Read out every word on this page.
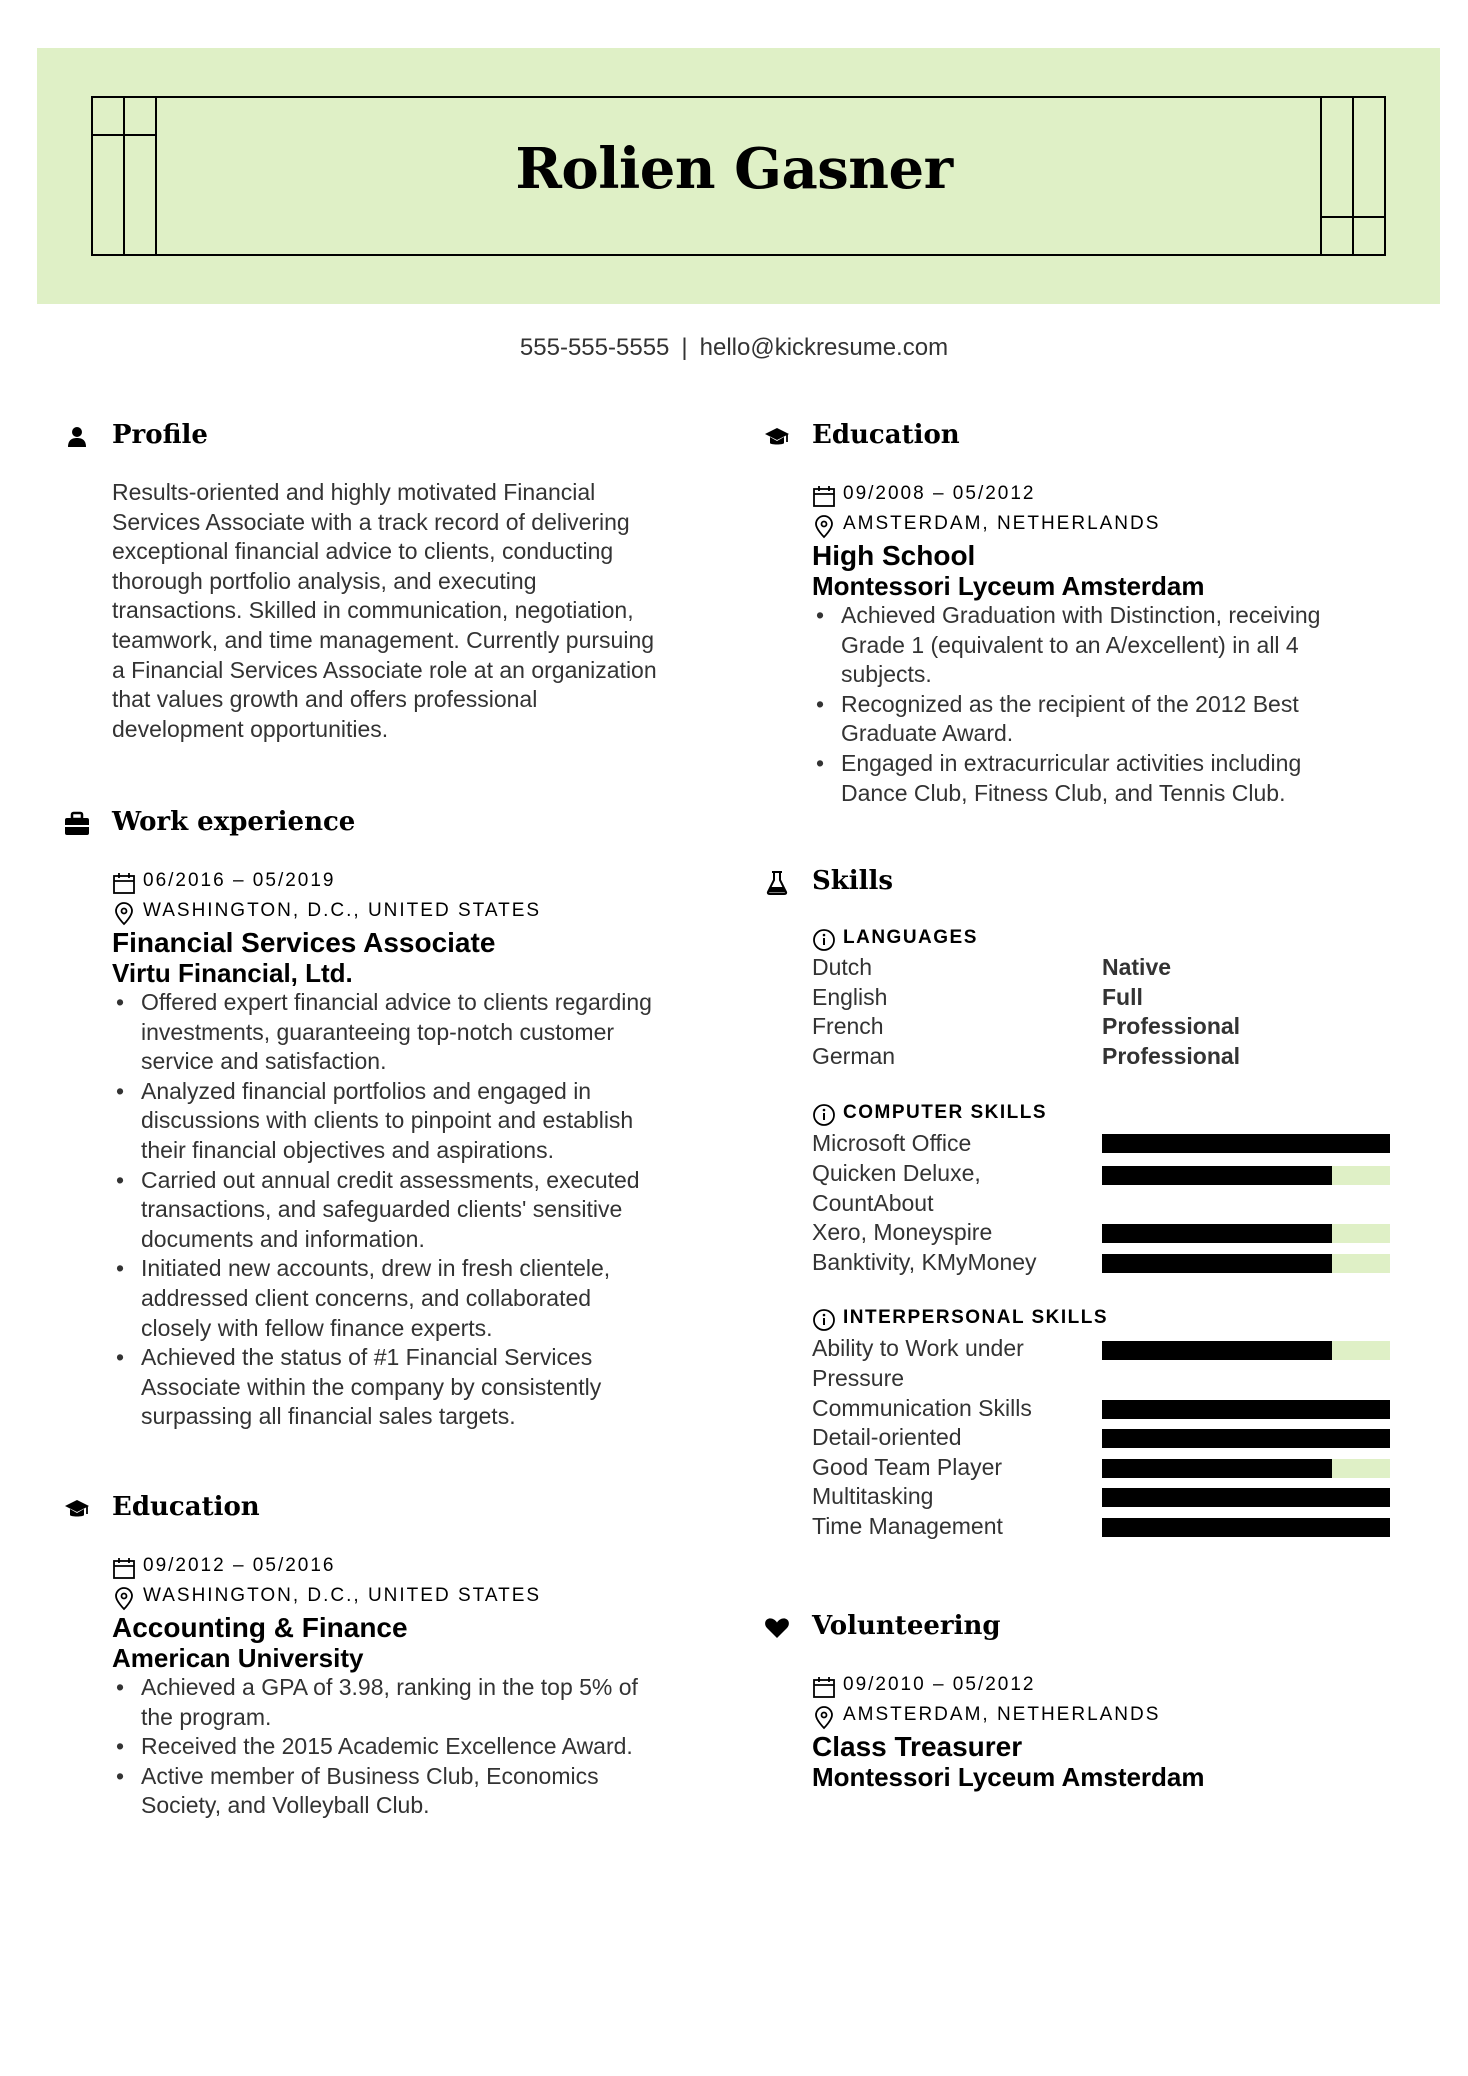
Rolien Gasner
555-555-5555 | hello@kickresume.com
Profile
Results-oriented and highly motivated Financial
Services Associate with a track record of delivering
exceptional financial advice to clients, conducting
thorough portfolio analysis, and executing
transactions. Skilled in communication, negotiation,
teamwork, and time management. Currently pursuing
a Financial Services Associate role at an organization
that values growth and offers professional
development opportunities.
Work experience
06/2016 – 05/2019
WASHINGTON, D.C., UNITED STATES
Financial Services Associate
Virtu Financial, Ltd.
• Offered expert financial advice to clients regarding
investments, guaranteeing top-notch customer
service and satisfaction.
• Analyzed financial portfolios and engaged in
discussions with clients to pinpoint and establish
their financial objectives and aspirations.
• Carried out annual credit assessments, executed
transactions, and safeguarded clients' sensitive
documents and information.
• Initiated new accounts, drew in fresh clientele,
addressed client concerns, and collaborated
closely with fellow finance experts.
• Achieved the status of #1 Financial Services
Associate within the company by consistently
surpassing all financial sales targets.
Education
09/2012 – 05/2016
WASHINGTON, D.C., UNITED STATES
Accounting & Finance
American University
• Achieved a GPA of 3.98, ranking in the top 5% of
the program.
• Received the 2015 Academic Excellence Award.
• Active member of Business Club, Economics
Society, and Volleyball Club.
Education
09/2008 – 05/2012
AMSTERDAM, NETHERLANDS
High School
Montessori Lyceum Amsterdam
• Achieved Graduation with Distinction, receiving
Grade 1 (equivalent to an A/excellent) in all 4
subjects.
• Recognized as the recipient of the 2012 Best
Graduate Award.
• Engaged in extracurricular activities including
Dance Club, Fitness Club, and Tennis Club.
Skills
LANGUAGES
Dutch	Native
English	Full
French	Professional
German	Professional
COMPUTER SKILLS
Microsoft Office
Quicken Deluxe,
CountAbout
Xero, Moneyspire
Banktivity, KMyMoney
INTERPERSONAL SKILLS
Ability to Work under
Pressure
Communication Skills
Detail-oriented
Good Team Player
Multitasking
Time Management
Volunteering
09/2010 – 05/2012
AMSTERDAM, NETHERLANDS
Class Treasurer
Montessori Lyceum Amsterdam
